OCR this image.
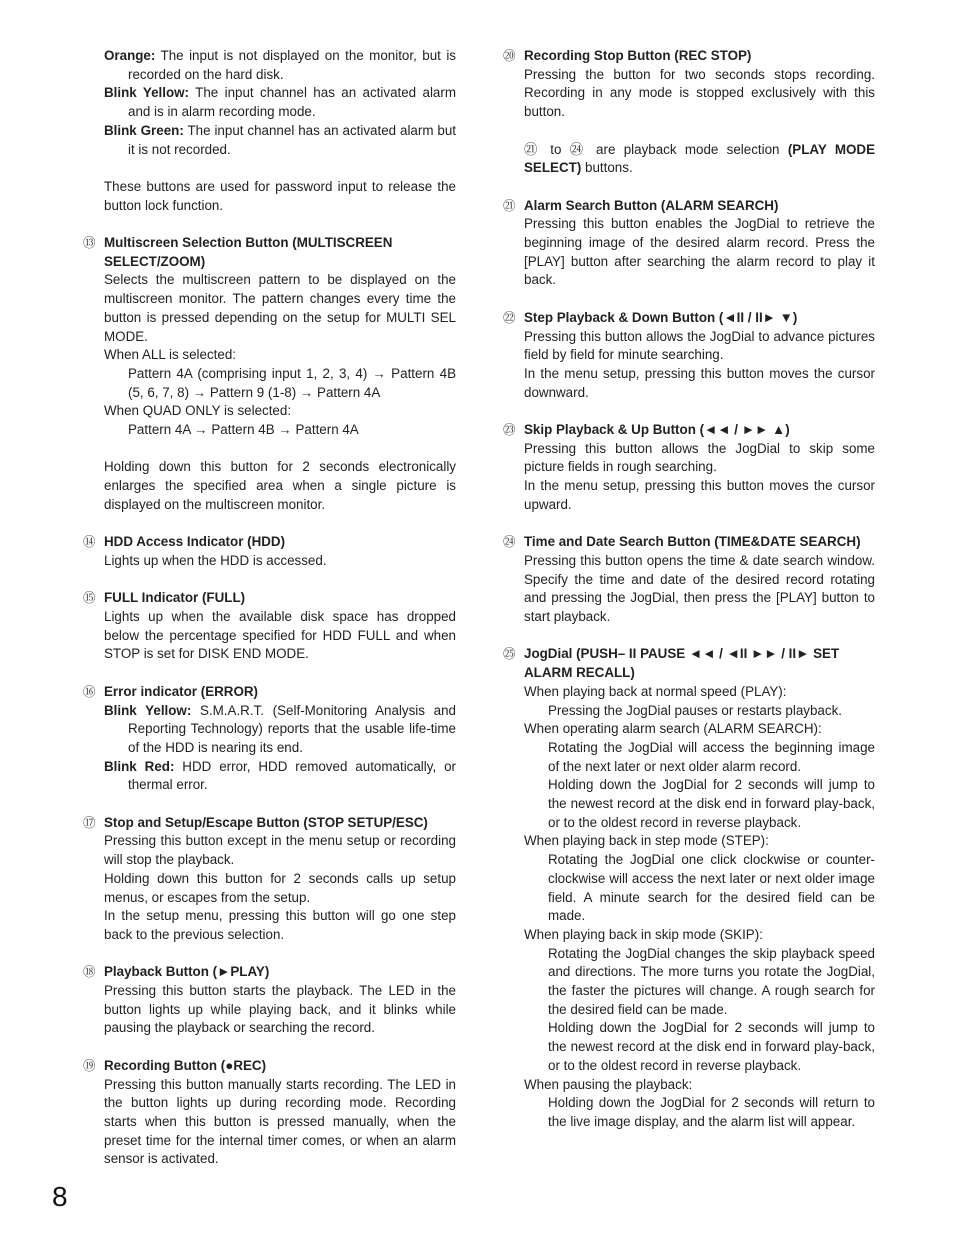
Orange: The input is not displayed on the monitor, but is recorded on the hard disk.

Blink Yellow: The input channel has an activated alarm and is in alarm recording mode.

Blink Green: The input channel has an activated alarm but it is not recorded.

These buttons are used for password input to release the button lock function.

⑬ Multiscreen Selection Button (MULTISCREEN SELECT/ZOOM)

Selects the multiscreen pattern to be displayed on the multiscreen monitor. The pattern changes every time the button is pressed depending on the setup for MULTI SEL MODE.

When ALL is selected:

Pattern 4A (comprising input 1, 2, 3, 4) → Pattern 4B (5, 6, 7, 8) → Pattern 9 (1-8) → Pattern 4A

When QUAD ONLY is selected:

Pattern 4A → Pattern 4B → Pattern 4A

Holding down this button for 2 seconds electronically enlarges the specified area when a single picture is displayed on the multiscreen monitor.

⑭ HDD Access Indicator (HDD)

Lights up when the HDD is accessed.

⑮ FULL Indicator (FULL)

Lights up when the available disk space has dropped below the percentage specified for HDD FULL and when STOP is set for DISK END MODE.

⑯ Error indicator (ERROR)

Blink Yellow: S.M.A.R.T. (Self-Monitoring Analysis and Reporting Technology) reports that the usable life-time of the HDD is nearing its end.

Blink Red: HDD error, HDD removed automatically, or thermal error.

⑰ Stop and Setup/Escape Button (STOP SETUP/ESC)

Pressing this button except in the menu setup or recording will stop the playback.

Holding down this button for 2 seconds calls up setup menus, or escapes from the setup.

In the setup menu, pressing this button will go one step back to the previous selection.

⑱ Playback Button (►PLAY)

Pressing this button starts the playback. The LED in the button lights up while playing back, and it blinks while pausing the playback or searching the record.

⑲ Recording Button (●REC)

Pressing this button manually starts recording. The LED in the button lights up during recording mode. Recording starts when this button is pressed manually, when the preset time for the internal timer comes, or when an alarm sensor is activated.

⑳ Recording Stop Button (REC STOP)

Pressing the button for two seconds stops recording. Recording in any mode is stopped exclusively with this button.

㉑ to ㉔ are playback mode selection (PLAY MODE SELECT) buttons.

㉑ Alarm Search Button (ALARM SEARCH)

Pressing this button enables the JogDial to retrieve the beginning image of the desired alarm record. Press the [PLAY] button after searching the alarm record to play it back.

㉒ Step Playback & Down Button (◄II / II► ▼)

Pressing this button allows the JogDial to advance pictures field by field for minute searching.

In the menu setup, pressing this button moves the cursor downward.

㉓ Skip Playback & Up Button (◄◄ / ►► ▲)

Pressing this button allows the JogDial to skip some picture fields in rough searching.

In the menu setup, pressing this button moves the cursor upward.

㉔ Time and Date Search Button (TIME&DATE SEARCH)

Pressing this button opens the time & date search window. Specify the time and date of the desired record rotating and pressing the JogDial, then press the [PLAY] button to start playback.

㉕ JogDial (PUSH– II PAUSE ◄◄ / ◄II ►► / II► SET ALARM RECALL)

When playing back at normal speed (PLAY):

Pressing the JogDial pauses or restarts playback.

When operating alarm search (ALARM SEARCH):

Rotating the JogDial will access the beginning image of the next later or next older alarm record.

Holding down the JogDial for 2 seconds will jump to the newest record at the disk end in forward play-back, or to the oldest record in reverse playback.

When playing back in step mode (STEP):

Rotating the JogDial one click clockwise or counter-clockwise will access the next later or next older image field. A minute search for the desired field can be made.

When playing back in skip mode (SKIP):

Rotating the JogDial changes the skip playback speed and directions. The more turns you rotate the JogDial, the faster the pictures will change. A rough search for the desired field can be made.

Holding down the JogDial for 2 seconds will jump to the newest record at the disk end in forward play-back, or to the oldest record in reverse playback.

When pausing the playback:

Holding down the JogDial for 2 seconds will return to the live image display, and the alarm list will appear.

8
